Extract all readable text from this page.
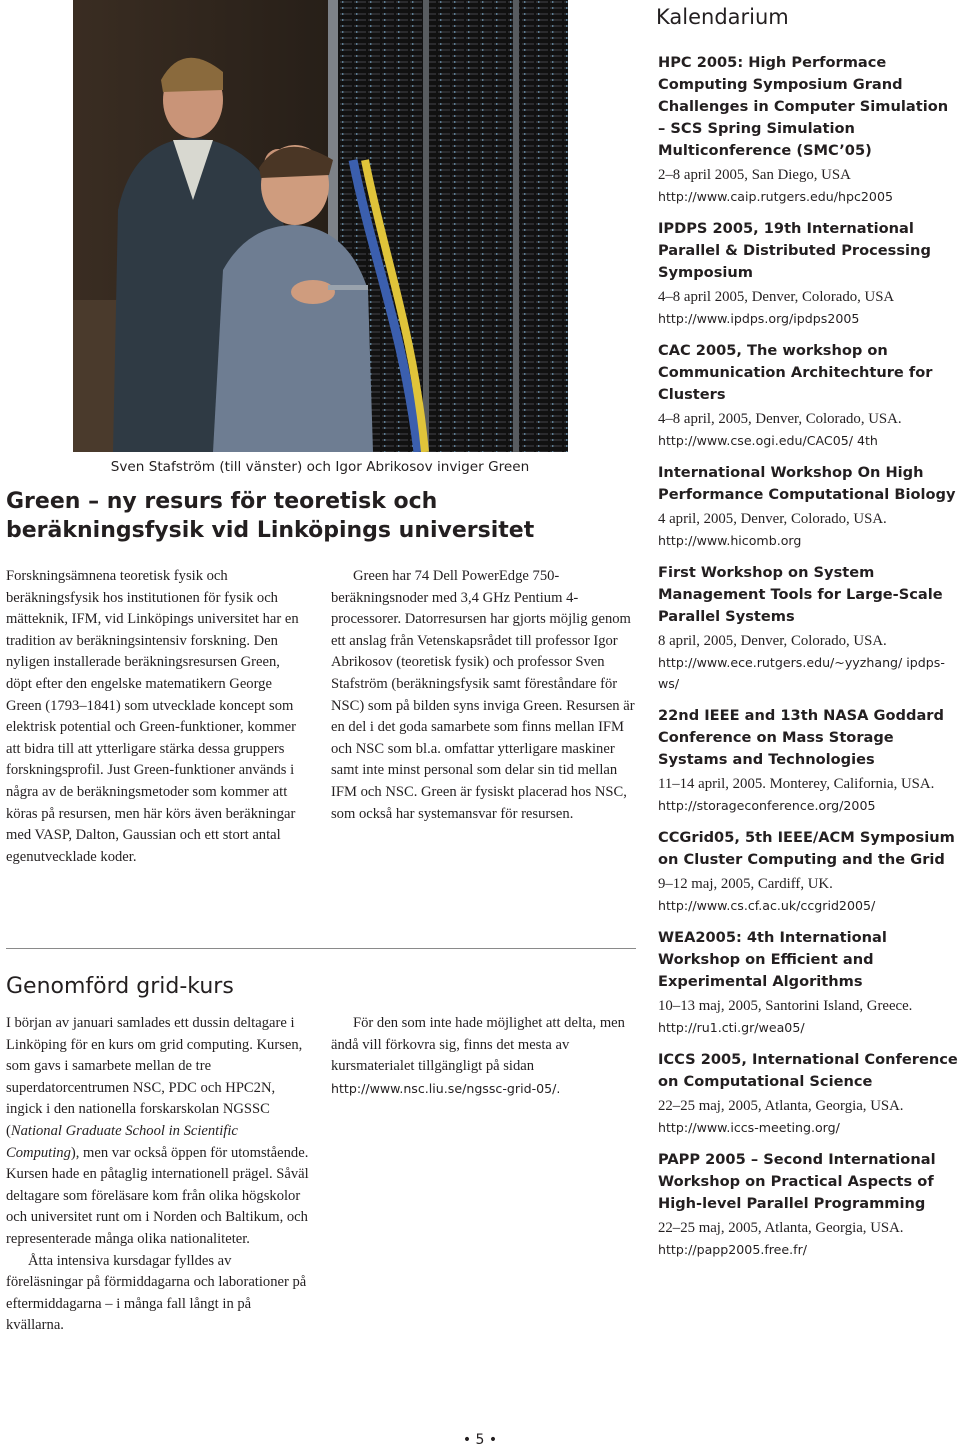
Sven Stafström (till vänster) och Igor Abrikosov inviger Green
Green – ny resurs för teoretisk och beräkningsfysik vid Linköpings universitet

Forskningsämnena teoretisk fysik och beräkningsfysik hos institutionen för fysik och mätteknik, IFM, vid Linköpings universitet har en tradition av beräkningsintensiv forskning. Den nyligen installerade beräkningsresursen Green, döpt efter den engelske matematikern George Green (1793–1841) som utvecklade koncept som elektrisk potential och Green-funktioner, kommer att bidra till att ytterligare stärka dessa gruppers forskningsprofil. Just Green-funktioner används i några av de beräkningsmetoder som kommer att köras på resursen, men här körs även beräkningar med VASP, Dalton, Gaussian och ett stort antal egenutvecklade koder.

Green har 74 Dell PowerEdge 750-beräkningsnoder med 3,4 GHz Pentium 4-processorer. Datorresursen har gjorts möjlig genom ett anslag från Vetenskapsrådet till professor Igor Abrikosov (teoretisk fysik) och professor Sven Stafström (beräkningsfysik samt föreståndare för NSC) som på bilden syns inviga Green. Resursen är en del i det goda samarbete som finns mellan IFM och NSC som bl.a. omfattar ytterligare maskiner samt inte minst personal som delar sin tid mellan IFM och NSC. Green är fysiskt placerad hos NSC, som också har systemansvar för resursen.

Genomförd grid-kurs

I början av januari samlades ett dussin deltagare i Linköping för en kurs om grid computing. Kursen, som gavs i samarbete mellan de tre superdatorcentrumen NSC, PDC och HPC2N, ingick i den nationella forskarskolan NGSSC (National Graduate School in Scientific Computing), men var också öppen för utomstående. Kursen hade en påtaglig internationell prägel. Såväl deltagare som föreläsare kom från olika högskolor och universitet runt om i Norden och Baltikum, och representerade många olika nationaliteter.

Åtta intensiva kursdagar fylldes av föreläsningar på förmiddagarna och laborationer på eftermiddagarna – i många fall långt in på kvällarna.

För den som inte hade möjlighet att delta, men ändå vill förkovra sig, finns det mesta av kursmaterialet tillgängligt på sidan http://www.nsc.liu.se/ngssc-grid-05/.

Kalendarium
HPC 2005: High Performace Computing Symposium Grand Challenges in Computer Simulation – SCS Spring Simulation Multiconference (SMC’05)
2–8 april 2005, San Diego, USA
http://www.caip.rutgers.edu/hpc2005
IPDPS 2005, 19th International Parallel & Distributed Processing Symposium
4–8 april 2005, Denver, Colorado, USA
http://www.ipdps.org/ipdps2005
CAC 2005, The workshop on Communication Architechture for Clusters
4–8 april, 2005, Denver, Colorado, USA.
http://www.cse.ogi.edu/CAC05/ 4th
International Workshop On High Performance Computational Biology
4 april, 2005, Denver, Colorado, USA.
http://www.hicomb.org
First Workshop on System Management Tools for Large-Scale Parallel Systems
8 april, 2005, Denver, Colorado, USA.
http://www.ece.rutgers.edu/~yyzhang/ ipdps-ws/
22nd IEEE and 13th NASA Goddard Conference on Mass Storage Systams and Technologies
11–14 april, 2005. Monterey, California, USA.
http://storageconference.org/2005
CCGrid05, 5th IEEE/ACM Symposium on Cluster Computing and the Grid
9–12 maj, 2005, Cardiff, UK.
http://www.cs.cf.ac.uk/ccgrid2005/
WEA2005: 4th International Workshop on Efficient and Experimental Algorithms
10–13 maj, 2005, Santorini Island, Greece.
http://ru1.cti.gr/wea05/
ICCS 2005, International Conference on Computational Science
22–25 maj, 2005, Atlanta, Georgia, USA.
http://www.iccs-meeting.org/
PAPP 2005 – Second International Workshop on Practical Aspects of High-level Parallel Programming
22–25 maj, 2005, Atlanta, Georgia, USA.
http://papp2005.free.fr/
• 5 •
